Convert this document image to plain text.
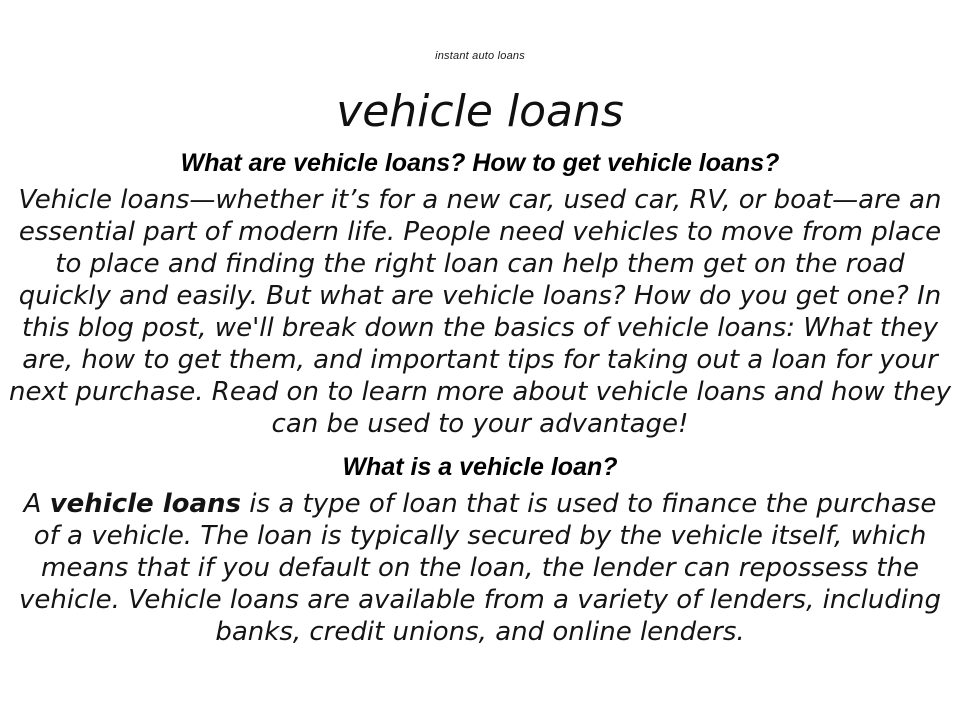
instant auto loans

vehicle loans
What are vehicle loans? How to get vehicle loans?

Vehicle loans—whether it’s for a new car, used car, RV, or boat—are an essential part of modern life. People need vehicles to move from place to place and finding the right loan can help them get on the road quickly and easily. But what are vehicle loans? How do you get one? In this blog post, we'll break down the basics of vehicle loans: What they are, how to get them, and important tips for taking out a loan for your next purchase. Read on to learn more about vehicle loans and how they can be used to your advantage!

What is a vehicle loan?

A vehicle loans is a type of loan that is used to finance the purchase of a vehicle. The loan is typically secured by the vehicle itself, which means that if you default on the loan, the lender can repossess the vehicle. Vehicle loans are available from a variety of lenders, including banks, credit unions, and online lenders.
